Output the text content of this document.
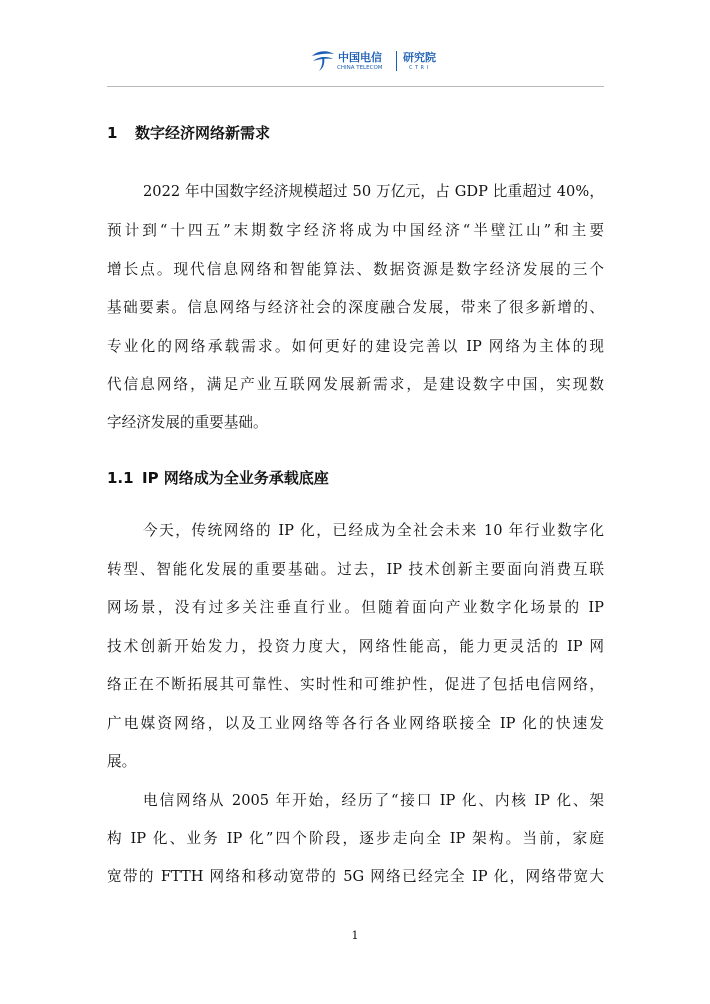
中国电信
CHINA TELECOM
研究院
CTRI
1 数字经济网络新需求
2022 年中国数字经济规模超过 50 万亿元，占 GDP 比重超过 40%，
预计到“十四五”末期数字经济将成为中国经济“半壁江山”和主要
增长点。现代信息网络和智能算法、数据资源是数字经济发展的三个
基础要素。信息网络与经济社会的深度融合发展，带来了很多新增的、
专业化的网络承载需求。如何更好的建设完善以 IP 网络为主体的现
代信息网络，满足产业互联网发展新需求，是建设数字中国，实现数
字经济发展的重要基础。
1.1 IP 网络成为全业务承载底座
今天，传统网络的 IP 化，已经成为全社会未来 10 年行业数字化
转型、智能化发展的重要基础。过去，IP 技术创新主要面向消费互联
网场景，没有过多关注垂直行业。但随着面向产业数字化场景的 IP
技术创新开始发力，投资力度大，网络性能高，能力更灵活的 IP 网
络正在不断拓展其可靠性、实时性和可维护性，促进了包括电信网络，
广电媒资网络，以及工业网络等各行各业网络联接全 IP 化的快速发
展。
电信网络从 2005 年开始，经历了“接口 IP 化、内核 IP 化、架
构 IP 化、业务 IP 化”四个阶段，逐步走向全 IP 架构。当前，家庭
宽带的 FTTH 网络和移动宽带的 5G 网络已经完全 IP 化，网络带宽大
1
